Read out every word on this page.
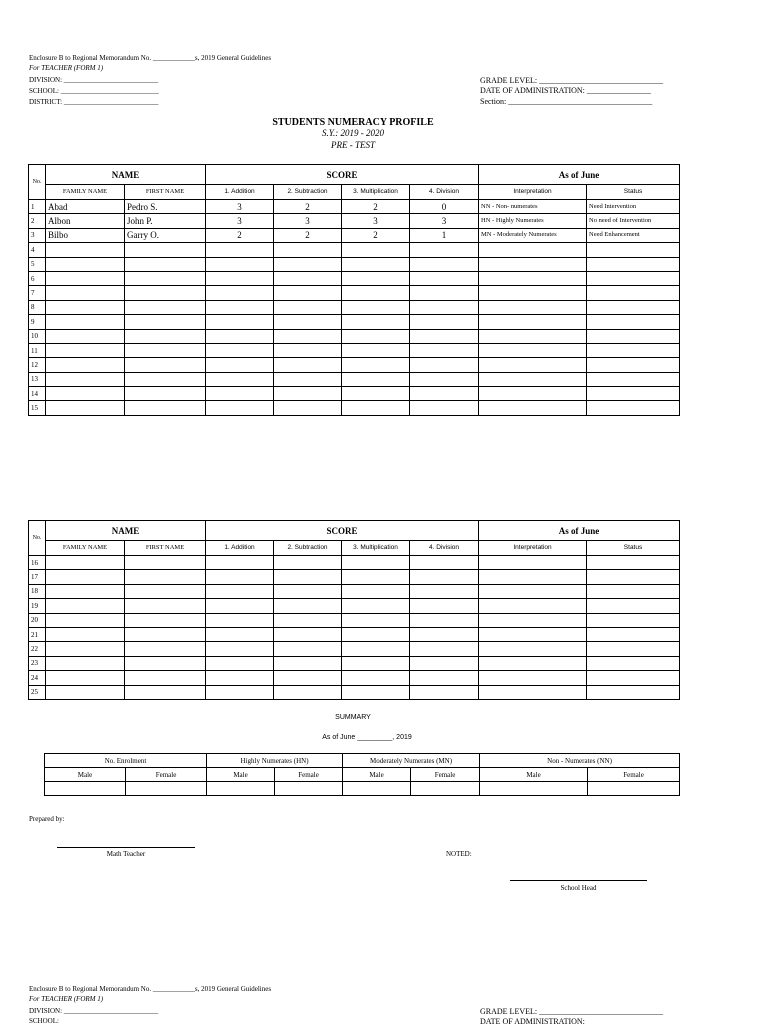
Enclosure B to Regional Memorandum No. ____________s, 2019 General Guidelines
For TEACHER (FORM 1)
DIVISION: ___________________________
SCHOOL: ____________________________
DISTRICT: ___________________________
GRADE LEVEL: _______________________________
DATE OF ADMINISTRATION: ________________
Section: ____________________________________
STUDENTS NUMERACY PROFILE
S.Y.: 2019 - 2020
PRE - TEST
No.	NAME		SCORE				As of June	
	FAMILY NAME	FIRST NAME	1. Addition	2. Subtraction	3. Multiplication	4. Division	Interpretation	Status
1	Abad	Pedro S.	3	2	2	0	NN - Non- numerates	Need Intervention
2	Albon	John P.	3	3	3	3	HN - Highly Numerates	No need of Intervention
3	Bilbo	Garry O.	2	2	2	1	MN - Moderately Numerates	Need Enhancement
4								
5								
6								
7								
8								
9								
10								
11								
12								
13								
14								
15								
No.	NAME		SCORE				As of June	
	FAMILY NAME	FIRST NAME	1. Addition	2. Subtraction	3. Multiplication	4. Division	Interpretation	Status
16								
17								
18								
19								
20								
21								
22								
23								
24								
25								
SUMMARY
As of June _________, 2019
No. Enrolment		Highly Numerates (HN)		Moderately Numerates (MN)		Non - Numerates (NN)	
Male	Female	Male	Female	Male	Female	Male	Female

Prepared by:
Math Teacher	NOTED:
School Head
Enclosure B to Regional Memorandum No. ____________s, 2019 General Guidelines
For TEACHER (FORM 1)
DIVISION: ___________________________
SCHOOL:
GRADE LEVEL: _______________________________
DATE OF ADMINISTRATION:
